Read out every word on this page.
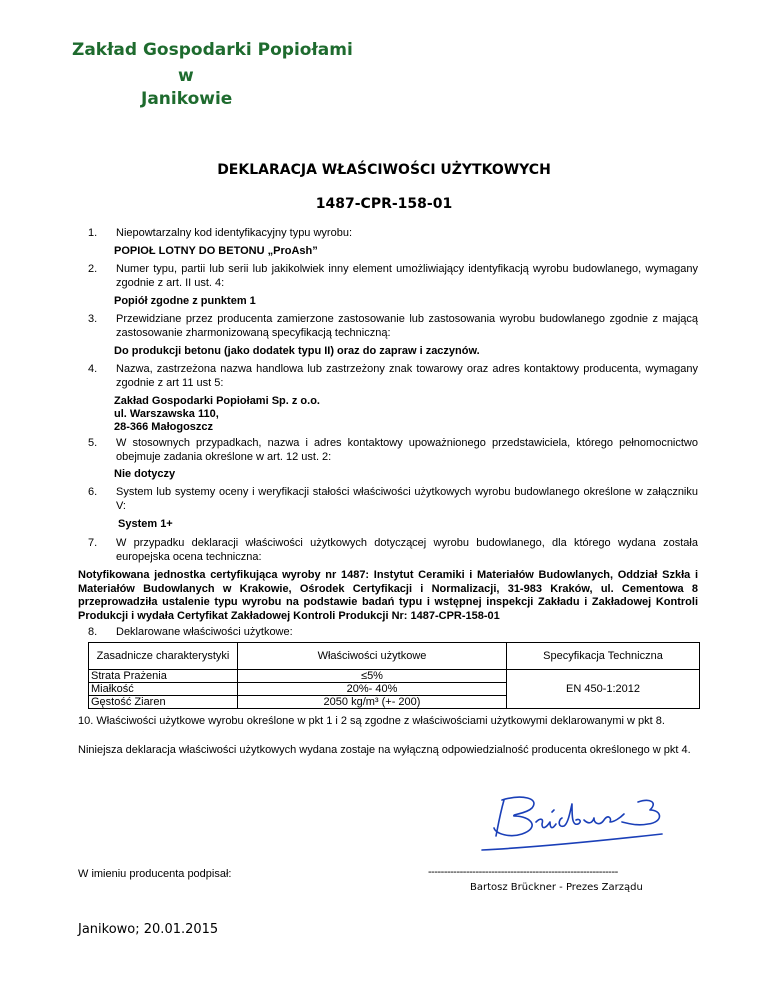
Zakład Gospodarki Popiołami
w
Janikowie
DEKLARACJA WŁAŚCIWOŚCI UŻYTKOWYCH
1487-CPR-158-01
1. Niepowtarzalny kod identyfikacyjny typu wyrobu:
POPIOŁ LOTNY DO BETONU „ProAsh”
2. Numer typu, partii lub serii lub jakikolwiek inny element umożliwiający identyfikacją wyrobu budowlanego, wymagany zgodnie z art. II ust. 4:
Popiół zgodne z punktem 1
3. Przewidziane przez producenta zamierzone zastosowanie lub zastosowania wyrobu budowlanego zgodnie z mającą zastosowanie zharmonizowaną specyfikacją techniczną:
Do produkcji betonu (jako dodatek typu II) oraz do zapraw i zaczynów.
4. Nazwa, zastrzeżona nazwa handlowa lub zastrzeżony znak towarowy oraz adres kontaktowy producenta, wymagany zgodnie z art 11 ust 5:
Zakład Gospodarki Popiołami Sp. z o.o.
ul. Warszawska 110,
28-366 Małogoszcz
5. W stosownych przypadkach, nazwa i adres kontaktowy upoważnionego przedstawiciela, którego pełnomocnictwo obejmuje zadania określone w art. 12 ust. 2:
Nie dotyczy
6. System lub systemy oceny i weryfikacji stałości właściwości użytkowych wyrobu budowlanego określone w załączniku V:
System 1+
7. W przypadku deklaracji właściwości użytkowych dotyczącej wyrobu budowlanego, dla którego wydana została europejska ocena techniczna:
Notyfikowana jednostka certyfikująca wyroby nr 1487: Instytut Ceramiki i Materiałów Budowlanych, Oddział Szkła i Materiałów Budowlanych w Krakowie, Ośrodek Certyfikacji i Normalizacji, 31-983 Kraków, ul. Cementowa 8 przeprowadziła ustalenie typu wyrobu na podstawie badań typu i wstępnej inspekcji Zakładu i Zakładowej Kontroli Produkcji i wydała Certyfikat Zakładowej Kontroli Produkcji Nr: 1487-CPR-158-01
8. Deklarowane właściwości użytkowe:
Zasadnicze charakterystyki	Właściwości użytkowe	Specyfikacja Techniczna
Strata Prażenia	≤5%	EN 450-1:2012
Miałkość	20%- 40%	
Gęstość Ziaren	2050 kg/m³ (+- 200)	
10. Właściwości użytkowe wyrobu określone w pkt 1 i 2 są zgodne z właściwościami użytkowymi deklarowanymi w pkt 8.
Niniejsza deklaracja właściwości użytkowych wydana zostaje na wyłączną odpowiedzialność producenta określonego w pkt 4.
W imieniu producenta podpisał:	------------------------------------------------------------
Bartosz Brückner - Prezes Zarządu
Janikowo; 20.01.2015
